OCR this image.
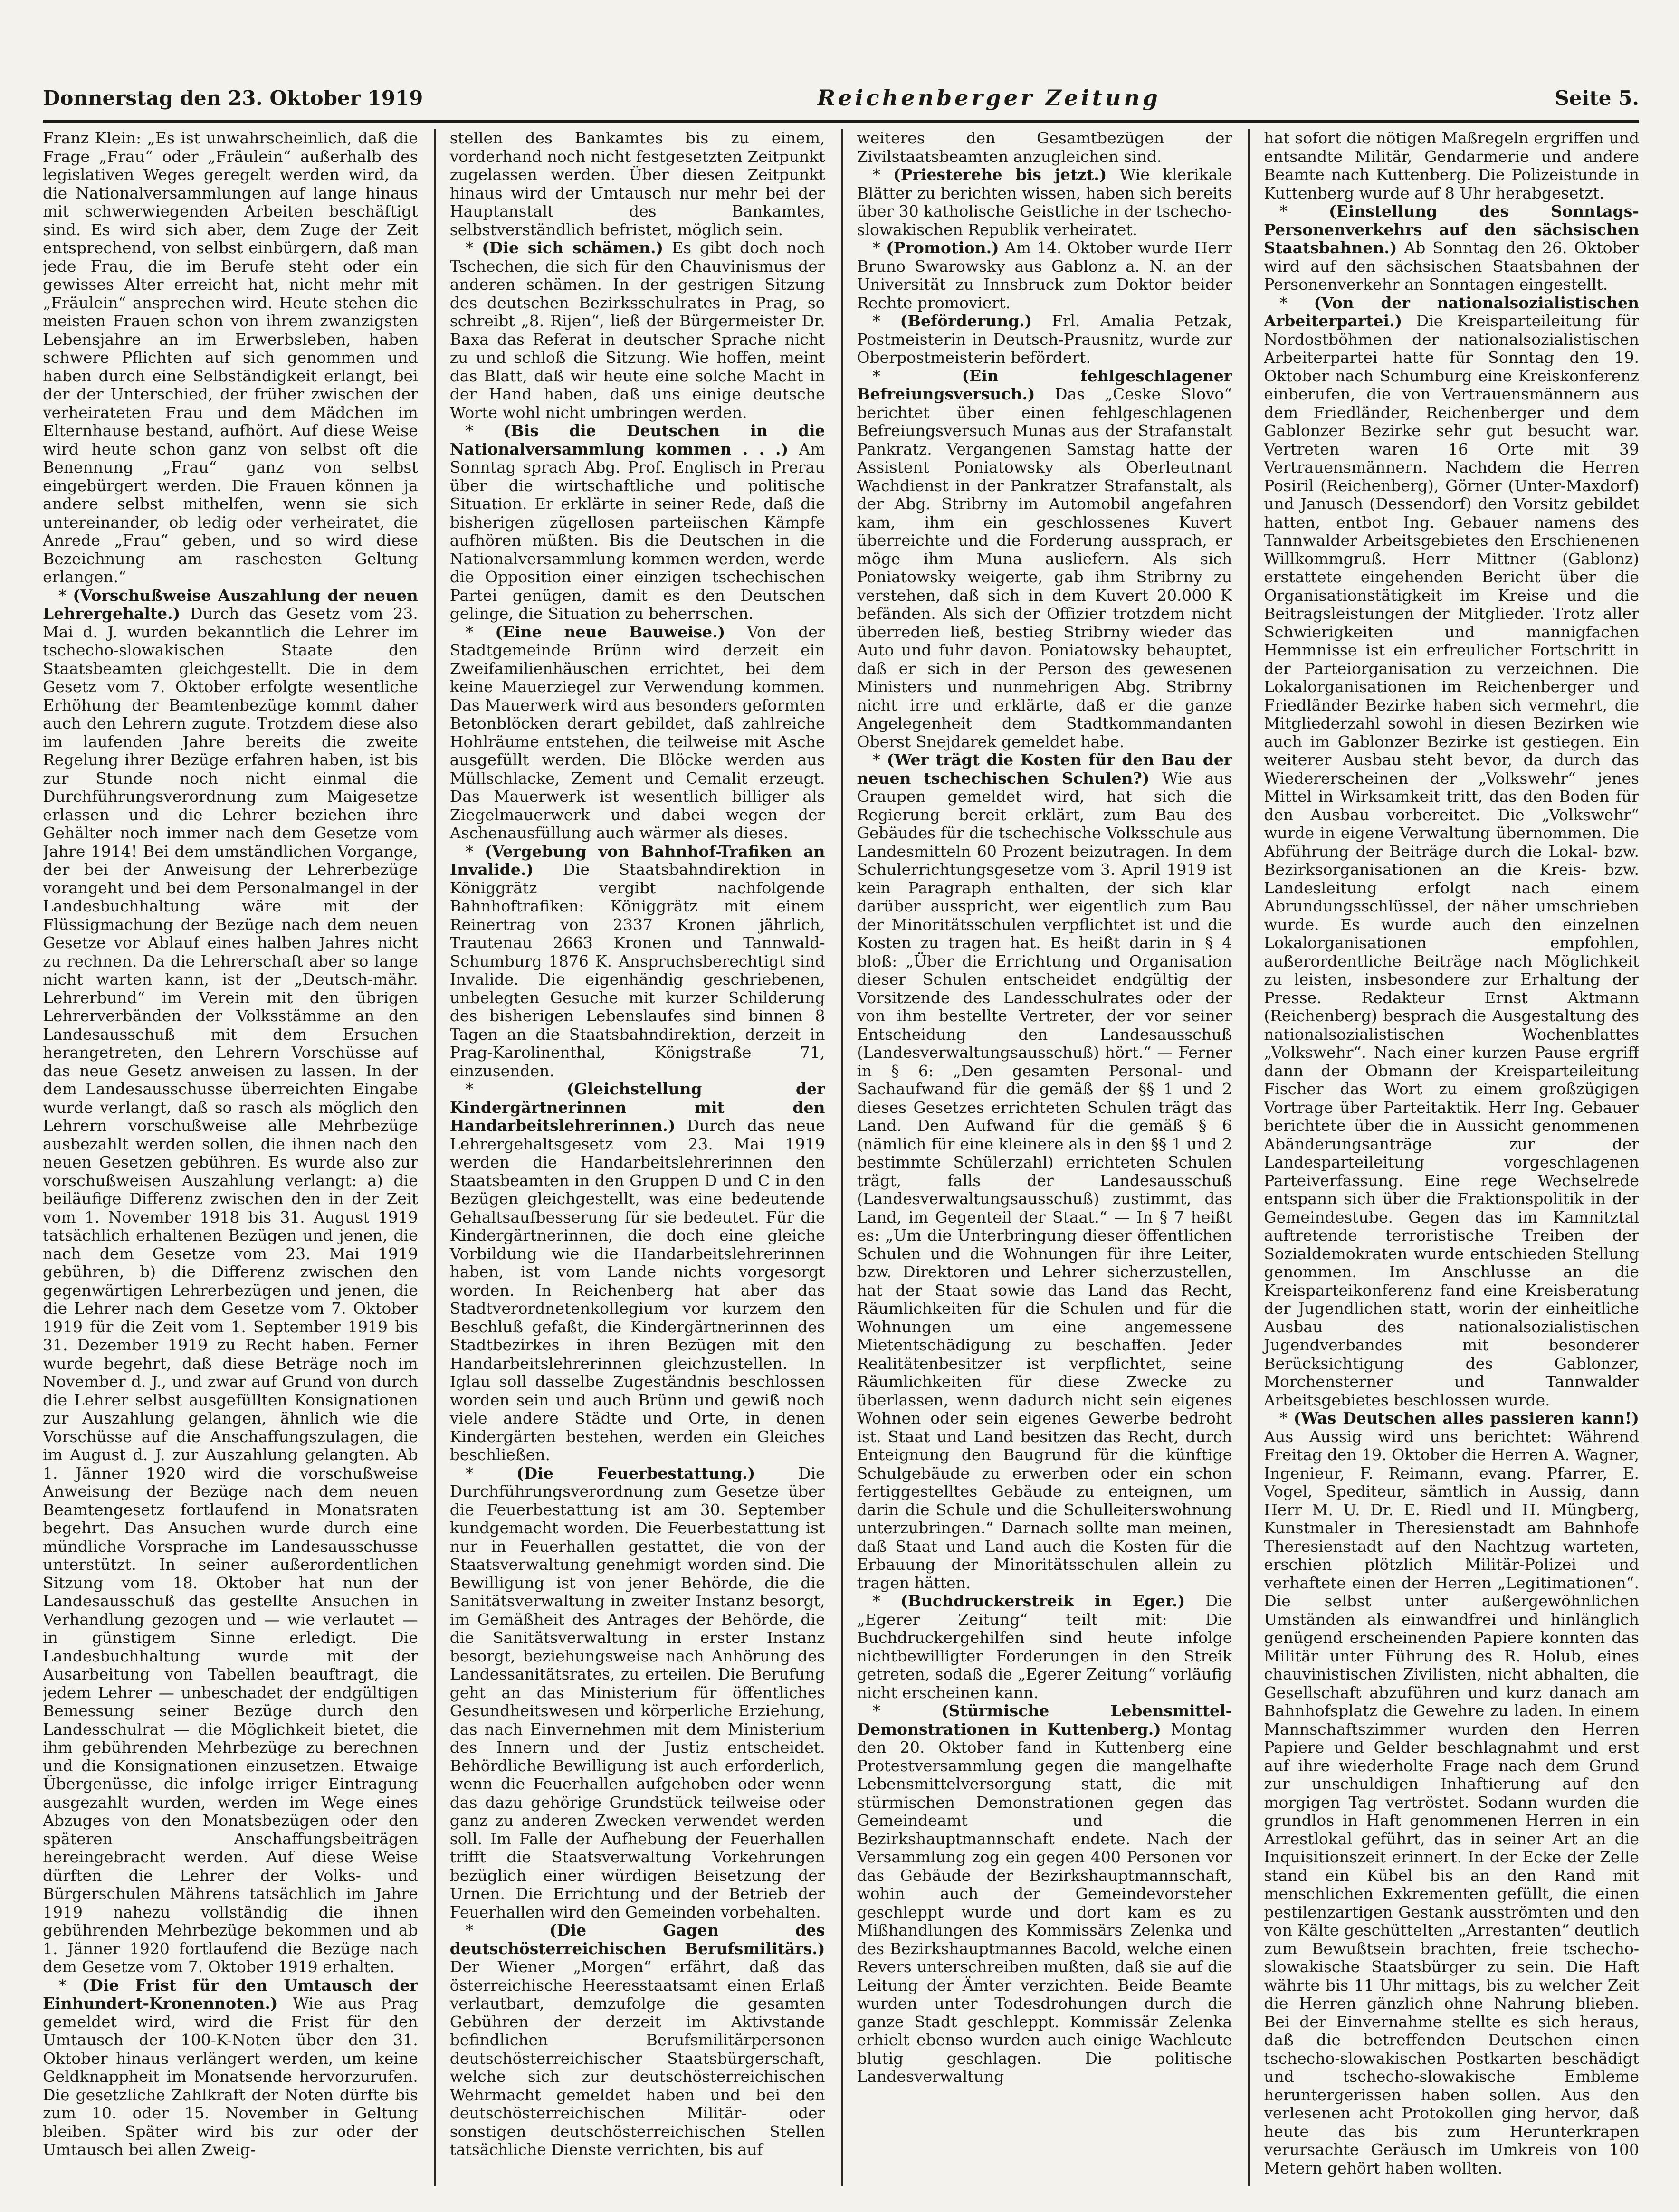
Donnerstag den 23. Oktober 1919	Reichenberger Zeitung	Seite 5.

Franz Klein: „Es ist unwahrscheinlich, daß die Frage „Frau“ oder „Fräulein“ außerhalb des legislativen Weges geregelt werden wird, da die Nationalversammlungen auf lange hinaus mit schwerwiegenden Arbeiten beschäftigt sind. Es wird sich aber, dem Zuge der Zeit entsprechend, von selbst einbürgern, daß man jede Frau, die im Berufe steht oder ein gewisses Alter erreicht hat, nicht mehr mit „Fräulein“ ansprechen wird. Heute stehen die meisten Frauen schon von ihrem zwanzigsten Lebensjahre an im Erwerbsleben, haben schwere Pflichten auf sich genommen und haben durch eine Selbständigkeit erlangt, bei der der Unterschied, der früher zwischen der verheirateten Frau und dem Mädchen im Elternhause bestand, aufhört. Auf diese Weise wird heute schon ganz von selbst oft die Benennung „Frau“ ganz von selbst eingebürgert werden. Die Frauen können ja andere selbst mithelfen, wenn sie sich untereinander, ob ledig oder verheiratet, die Anrede „Frau“ geben, und so wird diese Bezeichnung am raschesten Geltung erlangen.“

 * (Vorschußweise Auszahlung der neuen Lehrergehalte.) Durch das Gesetz vom 23. Mai d. J. wurden bekanntlich die Lehrer im tschecho-slowakischen Staate den Staatsbeamten gleichgestellt. Die in dem Gesetz vom 7. Oktober erfolgte wesentliche Erhöhung der Beamtenbezüge kommt daher auch den Lehrern zugute. Trotzdem diese also im laufenden Jahre bereits die zweite Regelung ihrer Bezüge erfahren haben, ist bis zur Stunde noch nicht einmal die Durchführungsverordnung zum Maigesetze erlassen und die Lehrer beziehen ihre Gehälter noch immer nach dem Gesetze vom Jahre 1914! Bei dem umständlichen Vorgange, der bei der Anweisung der Lehrerbezüge vorangeht und bei dem Personalmangel in der Landesbuchhaltung wäre mit der Flüssigmachung der Bezüge nach dem neuen Gesetze vor Ablauf eines halben Jahres nicht zu rechnen. Da die Lehrerschaft aber so lange nicht warten kann, ist der „Deutsch-mähr. Lehrerbund“ im Verein mit den übrigen Lehrerverbänden der Volksstämme an den Landesausschuß mit dem Ersuchen herangetreten, den Lehrern Vorschüsse auf das neue Gesetz anweisen zu lassen. In der dem Landesausschusse überreichten Eingabe wurde verlangt, daß so rasch als möglich den Lehrern vorschußweise alle Mehrbezüge ausbezahlt werden sollen, die ihnen nach den neuen Gesetzen gebühren. Es wurde also zur vorschußweisen Auszahlung verlangt: a) die beiläufige Differenz zwischen den in der Zeit vom 1. November 1918 bis 31. August 1919 tatsächlich erhaltenen Bezügen und jenen, die nach dem Gesetze vom 23. Mai 1919 gebühren, b) die Differenz zwischen den gegenwärtigen Lehrerbezügen und jenen, die die Lehrer nach dem Gesetze vom 7. Oktober 1919 für die Zeit vom 1. September 1919 bis 31. Dezember 1919 zu Recht haben. Ferner wurde begehrt, daß diese Beträge noch im November d. J., und zwar auf Grund von durch die Lehrer selbst ausgefüllten Konsignationen zur Auszahlung gelangen, ähnlich wie die Vorschüsse auf die Anschaffungszulagen, die im August d. J. zur Auszahlung gelangten. Ab 1. Jänner 1920 wird die vorschußweise Anweisung der Bezüge nach dem neuen Beamtengesetz fortlaufend in Monatsraten begehrt. Das Ansuchen wurde durch eine mündliche Vorsprache im Landesausschusse unterstützt. In seiner außerordentlichen Sitzung vom 18. Oktober hat nun der Landesausschuß das gestellte Ansuchen in Verhandlung gezogen und — wie verlautet — in günstigem Sinne erledigt. Die Landesbuchhaltung wurde mit der Ausarbeitung von Tabellen beauftragt, die jedem Lehrer — unbeschadet der endgültigen Bemessung seiner Bezüge durch den Landesschulrat — die Möglichkeit bietet, die ihm gebührenden Mehrbezüge zu berechnen und die Konsignationen einzusetzen. Etwaige Übergenüsse, die infolge irriger Eintragung ausgezahlt wurden, werden im Wege eines Abzuges von den Monatsbezügen oder den späteren Anschaffungsbeiträgen hereingebracht werden. Auf diese Weise dürften die Lehrer der Volks- und Bürgerschulen Mährens tatsächlich im Jahre 1919 nahezu vollständig die ihnen gebührenden Mehrbezüge bekommen und ab 1. Jänner 1920 fortlaufend die Bezüge nach dem Gesetze vom 7. Oktober 1919 erhalten.

 * (Die Frist für den Umtausch der Einhundert-Kronennoten.) Wie aus Prag gemeldet wird, wird die Frist für den Umtausch der 100-K-Noten über den 31. Oktober hinaus verlängert werden, um keine Geldknappheit im Monatsende hervorzurufen. Die gesetzliche Zahlkraft der Noten dürfte bis zum 10. oder 15. November in Geltung bleiben. Später wird bis zur oder der Umtausch bei allen Zweig-

stellen des Bankamtes bis zu einem, vorderhand noch nicht festgesetzten Zeitpunkt zugelassen werden. Über diesen Zeitpunkt hinaus wird der Umtausch nur mehr bei der Hauptanstalt des Bankamtes, selbstverständlich befristet, möglich sein.

 * (Die sich schämen.) Es gibt doch noch Tschechen, die sich für den Chauvinismus der anderen schämen. In der gestrigen Sitzung des deutschen Bezirksschulrates in Prag, so schreibt „8. Rijen“, ließ der Bürgermeister Dr. Baxa das Referat in deutscher Sprache nicht zu und schloß die Sitzung. Wie hoffen, meint das Blatt, daß wir heute eine solche Macht in der Hand haben, daß uns einige deutsche Worte wohl nicht umbringen werden.

 * (Bis die Deutschen in die Nationalversammlung kommen . . .) Am Sonntag sprach Abg. Prof. Englisch in Prerau über die wirtschaftliche und politische Situation. Er erklärte in seiner Rede, daß die bisherigen zügellosen parteiischen Kämpfe aufhören müßten. Bis die Deutschen in die Nationalversammlung kommen werden, werde die Opposition einer einzigen tschechischen Partei genügen, damit es den Deutschen gelinge, die Situation zu beherrschen.

 * (Eine neue Bauweise.) Von der Stadtgemeinde Brünn wird derzeit ein Zweifamilienhäuschen errichtet, bei dem keine Mauerziegel zur Verwendung kommen. Das Mauerwerk wird aus besonders geformten Betonblöcken derart gebildet, daß zahlreiche Hohlräume entstehen, die teilweise mit Asche ausgefüllt werden. Die Blöcke werden aus Müllschlacke, Zement und Cemalit erzeugt. Das Mauerwerk ist wesentlich billiger als Ziegelmauerwerk und dabei wegen der Aschenausfüllung auch wärmer als dieses.

 * (Vergebung von Bahnhof-Trafiken an Invalide.) Die Staatsbahndirektion in Königgrätz vergibt nachfolgende Bahnhoftrafiken: Königgrätz mit einem Reinertrag von 2337 Kronen jährlich, Trautenau 2663 Kronen und Tannwald-Schumburg 1876 K. Anspruchsberechtigt sind Invalide. Die eigenhändig geschriebenen, unbelegten Gesuche mit kurzer Schilderung des bisherigen Lebenslaufes sind binnen 8 Tagen an die Staatsbahndirektion, derzeit in Prag-Karolinenthal, Königstraße 71, einzusenden.

 * (Gleichstellung der Kindergärtnerinnen mit den Handarbeitslehrerinnen.) Durch das neue Lehrergehaltsgesetz vom 23. Mai 1919 werden die Handarbeitslehrerinnen den Staatsbeamten in den Gruppen D und C in den Bezügen gleichgestellt, was eine bedeutende Gehaltsaufbesserung für sie bedeutet. Für die Kindergärtnerinnen, die doch eine gleiche Vorbildung wie die Handarbeitslehrerinnen haben, ist vom Lande nichts vorgesorgt worden. In Reichenberg hat aber das Stadtverordnetenkollegium vor kurzem den Beschluß gefaßt, die Kindergärtnerinnen des Stadtbezirkes in ihren Bezügen mit den Handarbeitslehrerinnen gleichzustellen. In Iglau soll dasselbe Zugeständnis beschlossen worden sein und auch Brünn und gewiß noch viele andere Städte und Orte, in denen Kindergärten bestehen, werden ein Gleiches beschließen.

 * (Die Feuerbestattung.)	Die Durchführungsverordnung zum Gesetze über die Feuerbestattung ist am 30. September kundgemacht worden. Die Feuerbestattung ist nur in Feuerhallen gestattet, die von der Staatsverwaltung genehmigt worden sind. Die Bewilligung ist von jener Behörde, die die Sanitätsverwaltung in zweiter Instanz besorgt, im Gemäßheit des Antrages der Behörde, die die Sanitätsverwaltung in erster Instanz besorgt, beziehungsweise nach Anhörung des Landessanitätsrates, zu erteilen. Die Berufung geht an das Ministerium für öffentliches Gesundheitswesen und körperliche Erziehung, das nach Einvernehmen mit dem Ministerium des Innern und der Justiz entscheidet. Behördliche Bewilligung ist auch erforderlich, wenn die Feuerhallen aufgehoben oder wenn das dazu gehörige Grundstück teilweise oder ganz zu anderen Zwecken verwendet werden soll. Im Falle der Aufhebung der Feuerhallen trifft die Staatsverwaltung Vorkehrungen bezüglich einer würdigen Beisetzung der Urnen. Die Errichtung und der Betrieb der Feuerhallen wird den Gemeinden vorbehalten.

 * (Die Gagen des deutschösterreichischen Berufsmilitärs.) Der Wiener „Morgen“ erfährt, daß das österreichische Heeresstaatsamt einen Erlaß verlautbart, demzufolge die gesamten Gebühren der derzeit im Aktivstande befindlichen Berufsmilitärpersonen deutschösterreichischer Staatsbürgerschaft, welche sich zur deutschösterreichischen Wehrmacht gemeldet haben und bei den deutschösterreichischen Militär- oder sonstigen deutschösterreichischen Stellen tatsächliche Dienste verrichten, bis auf

weiteres den Gesamtbezügen der Zivilstaatsbeamten anzugleichen sind.

 * (Priesterehe bis jetzt.) Wie klerikale Blätter zu berichten wissen, haben sich bereits über 30 katholische Geistliche in der tschecho-slowakischen Republik verheiratet.

 * (Promotion.) Am 14. Oktober wurde Herr Bruno Swarowsky aus Gablonz a. N. an der Universität zu Innsbruck zum Doktor beider Rechte promoviert.

 * (Beförderung.) Frl. Amalia Petzak, Postmeisterin in Deutsch-Prausnitz, wurde zur Oberpostmeisterin befördert.

 * (Ein fehlgeschlagener Befreiungsversuch.) Das „Ceske Slovo“ berichtet über einen fehlgeschlagenen Befreiungsversuch Munas aus der Strafanstalt Pankratz. Vergangenen Samstag hatte der Assistent Poniatowsky als Oberleutnant Wachdienst in der Pankratzer Strafanstalt, als der Abg. Stribrny im Automobil angefahren kam, ihm ein geschlossenes Kuvert überreichte und die Forderung aussprach, er möge ihm Muna ausliefern. Als sich Poniatowsky weigerte, gab ihm Stribrny zu verstehen, daß sich in dem Kuvert 20.000 K befänden. Als sich der Offizier trotzdem nicht überreden ließ, bestieg Stribrny wieder das Auto und fuhr davon. Poniatowsky behauptet, daß er sich in der Person des gewesenen Ministers und nunmehrigen Abg. Stribrny nicht irre und erklärte, daß er die ganze Angelegenheit dem Stadtkommandanten Oberst Snejdarek gemeldet habe.

 * (Wer trägt die Kosten für den Bau der neuen tschechischen Schulen?) Wie aus Graupen gemeldet wird, hat sich die Regierung bereit erklärt, zum Bau des Gebäudes für die tschechische Volksschule aus Landesmitteln 60 Prozent beizutragen. In dem Schulerrichtungsgesetze vom 3. April 1919 ist kein Paragraph enthalten, der sich klar darüber ausspricht, wer eigentlich zum Bau der Minoritätsschulen verpflichtet ist und die Kosten zu tragen hat. Es heißt darin in § 4 bloß: „Über die Errichtung und Organisation dieser Schulen entscheidet endgültig der Vorsitzende des Landesschulrates oder der von ihm bestellte Vertreter, der vor seiner Entscheidung den Landesausschuß (Landesverwaltungsausschuß) hört.“ — Ferner in § 6: „Den gesamten Personal- und Sachaufwand für die gemäß der §§ 1 und 2 dieses Gesetzes errichteten Schulen trägt das Land. Den Aufwand für die gemäß § 6 (nämlich für eine kleinere als in den §§ 1 und 2 bestimmte Schülerzahl) errichteten Schulen trägt, falls der Landesausschuß (Landesverwaltungsausschuß) zustimmt, das Land, im Gegenteil der Staat.“ — In § 7 heißt es: „Um die Unterbringung dieser öffentlichen Schulen und die Wohnungen für ihre Leiter, bzw. Direktoren und Lehrer sicherzustellen, hat der Staat sowie das Land das Recht, Räumlichkeiten für die Schulen und für die Wohnungen um eine angemessene Mietentschädigung zu beschaffen. Jeder Realitätenbesitzer ist verpflichtet, seine Räumlichkeiten für diese Zwecke zu überlassen, wenn dadurch nicht sein eigenes Wohnen oder sein eigenes Gewerbe bedroht ist. Staat und Land besitzen das Recht, durch Enteignung den Baugrund für die künftige Schulgebäude zu erwerben oder ein schon fertiggestelltes Gebäude zu enteignen, um darin die Schule und die Schulleiterswohnung unterzubringen.“ Darnach sollte man meinen, daß Staat und Land auch die Kosten für die Erbauung der Minoritätsschulen allein zu tragen hätten.

 * (Buchdruckerstreik in Eger.) Die „Egerer Zeitung“ teilt mit: Die Buchdruckergehilfen sind heute infolge nichtbewilligter Forderungen in den Streik getreten, sodaß die „Egerer Zeitung“ vorläufig nicht erscheinen kann.

 * (Stürmische Lebensmittel-Demonstrationen in Kuttenberg.) Montag den 20. Oktober fand in Kuttenberg eine Protestversammlung gegen die mangelhafte Lebensmittelversorgung statt, die mit stürmischen Demonstrationen gegen das Gemeindeamt und die Bezirkshauptmannschaft endete. Nach der Versammlung zog ein gegen 400 Personen vor das Gebäude der Bezirkshauptmannschaft, wohin auch der Gemeindevorsteher geschleppt wurde und dort kam es zu Mißhandlungen des Kommissärs Zelenka und des Bezirkshauptmannes Bacold, welche einen Revers unterschreiben mußten, daß sie auf die Leitung der Ämter verzichten. Beide Beamte wurden unter Todesdrohungen durch die ganze Stadt geschleppt. Kommissär Zelenka erhielt ebenso wurden auch einige Wachleute blutig geschlagen. Die politische Landesverwaltung

hat sofort die nötigen Maßregeln ergriffen und entsandte Militär, Gendarmerie und andere Beamte nach Kuttenberg. Die Polizeistunde in Kuttenberg wurde auf 8 Uhr herabgesetzt.

 * (Einstellung des Sonntags-Personenverkehrs auf den sächsischen Staatsbahnen.) Ab Sonntag den 26. Oktober wird auf den sächsischen Staatsbahnen der Personenverkehr an Sonntagen eingestellt.

 * (Von der nationalsozialistischen Arbeiterpartei.) Die Kreisparteileitung für Nordostböhmen der nationalsozialistischen Arbeiterpartei hatte für Sonntag den 19. Oktober nach Schumburg eine Kreiskonferenz einberufen, die von Vertrauensmännern aus dem Friedländer, Reichenberger und dem Gablonzer Bezirke sehr gut besucht war. Vertreten waren 16 Orte mit 39 Vertrauensmännern. Nachdem die Herren Posiril (Reichenberg), Görner (Unter-Maxdorf) und Janusch (Dessendorf) den Vorsitz gebildet hatten, entbot Ing. Gebauer namens des Tannwalder Arbeitsgebietes den Erschienenen Willkommgruß. Herr Mittner (Gablonz) erstattete eingehenden Bericht über die Organisationstätigkeit im Kreise und die Beitragsleistungen der Mitglieder. Trotz aller Schwierigkeiten und mannigfachen Hemmnisse ist ein erfreulicher Fortschritt in der Parteiorganisation zu verzeichnen. Die Lokalorganisationen im Reichenberger und Friedländer Bezirke haben sich vermehrt, die Mitgliederzahl sowohl in diesen Bezirken wie auch im Gablonzer Bezirke ist gestiegen. Ein weiterer Ausbau steht bevor, da durch das Wiedererscheinen der „Volkswehr“ jenes Mittel in Wirksamkeit tritt, das den Boden für den Ausbau vorbereitet. Die „Volkswehr“ wurde in eigene Verwaltung übernommen. Die Abführung der Beiträge durch die Lokal- bzw. Bezirksorganisationen an die Kreis- bzw. Landesleitung erfolgt nach einem Abrundungsschlüssel, der näher umschrieben wurde. Es wurde auch den einzelnen Lokalorganisationen empfohlen, außerordentliche Beiträge nach Möglichkeit zu leisten, insbesondere zur Erhaltung der Presse. Redakteur Ernst Aktmann (Reichenberg) besprach die Ausgestaltung des nationalsozialistischen Wochenblattes „Volkswehr“. Nach einer kurzen Pause ergriff dann der Obmann der Kreisparteileitung Fischer das Wort zu einem großzügigen Vortrage über Parteitaktik. Herr Ing. Gebauer berichtete über die in Aussicht genommenen Abänderungsanträge zur der Landesparteileitung vorgeschlagenen Parteiverfassung. Eine rege Wechselrede entspann sich über die Fraktionspolitik in der Gemeindestube. Gegen das im Kamnitztal auftretende terroristische Treiben der Sozialdemokraten wurde entschieden Stellung genommen. Im Anschlusse an die Kreisparteikonferenz fand eine Kreisberatung der Jugendlichen statt, worin der einheitliche Ausbau des nationalsozialistischen Jugendverbandes mit besonderer Berücksichtigung des Gablonzer, Morchensterner und Tannwalder Arbeitsgebietes beschlossen wurde.

 * (Was Deutschen alles passieren kann!) Aus Aussig wird uns berichtet: Während Freitag den 19. Oktober die Herren A. Wagner, Ingenieur, F. Reimann, evang. Pfarrer, E. Vogel, Spediteur, sämtlich in Aussig, dann Herr M. U. Dr. E. Riedl und H. Müngberg, Kunstmaler in Theresienstadt am Bahnhofe Theresienstadt auf den Nachtzug warteten, erschien plötzlich Militär-Polizei und verhaftete einen der Herren „Legitimationen“. Die selbst unter außergewöhnlichen Umständen als einwandfrei und hinlänglich genügend erscheinenden Papiere konnten das Militär unter Führung des R. Holub, eines chauvinistischen Zivilisten, nicht abhalten, die Gesellschaft abzuführen und kurz danach am Bahnhofsplatz die Gewehre zu laden. In einem Mannschaftszimmer wurden den Herren Papiere und Gelder beschlagnahmt und erst auf ihre wiederholte Frage nach dem Grund zur unschuldigen Inhaftierung auf den morgigen Tag vertröstet. Sodann wurden die grundlos in Haft genommenen Herren in ein Arrestlokal geführt, das in seiner Art an die Inquisitionszeit erinnert. In der Ecke der Zelle stand ein Kübel bis an den Rand mit menschlichen Exkrementen gefüllt, die einen pestilenzartigen Gestank ausströmten und den von Kälte geschüttelten „Arrestanten“ deutlich zum Bewußtsein brachten, freie tschecho-slowakische Staatsbürger zu sein. Die Haft währte bis 11 Uhr mittags, bis zu welcher Zeit die Herren gänzlich ohne Nahrung blieben. Bei der Einvernahme stellte es sich heraus, daß die betreffenden Deutschen einen tschecho-slowakischen Postkarten beschädigt und tschecho-slowakische Embleme heruntergerissen haben sollen. Aus den verlesenen acht Protokollen ging hervor, daß heute das bis zum Herunterkrapen verursachte Geräusch im Umkreis von 100 Metern gehört haben wollten.
